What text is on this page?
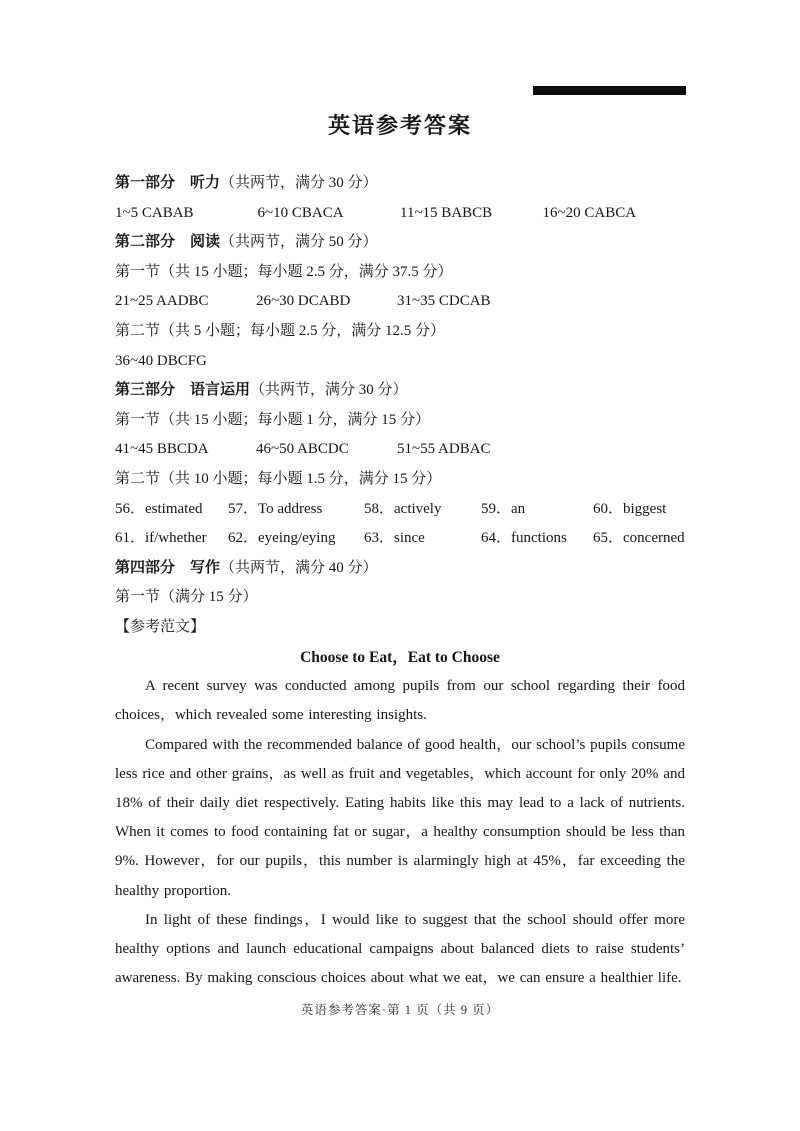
英语参考答案
第一部分　听力（共两节，满分 30 分）
1~5 CABAB	6~10 CBACA	11~15 BABCB	16~20 CABCA
第二部分　阅读（共两节，满分 50 分）
第一节（共 15 小题；每小题 2.5 分，满分 37.5 分）
21~25 AADBC	26~30 DCABD	31~35 CDCAB
第二节（共 5 小题；每小题 2.5 分，满分 12.5 分）
36~40 DBCFG
第三部分　语言运用（共两节，满分 30 分）
第一节（共 15 小题；每小题 1 分，满分 15 分）
41~45 BBCDA	46~50 ABCDC	51~55 ADBAC
第二节（共 10 小题；每小题 1.5 分，满分 15 分）
56．estimated 57．To address	58．actively	59．an	60．biggest
61．if/whether 62．eyeing/eying 63．since	64．functions 65．concerned
第四部分　写作（共两节，满分 40 分）
第一节（满分 15 分）
【参考范文】
Choose to Eat，Eat to Choose

A recent survey was conducted among pupils from our school regarding their food choices，which revealed some interesting insights.

Compared with the recommended balance of good health，our school’s pupils consume less rice and other grains，as well as fruit and vegetables，which account for only 20% and 18% of their daily diet respectively. Eating habits like this may lead to a lack of nutrients. When it comes to food containing fat or sugar，a healthy consumption should be less than 9%. However，for our pupils，this number is alarmingly high at 45%，far exceeding the healthy proportion.

In light of these findings，I would like to suggest that the school should offer more healthy options and launch educational campaigns about balanced diets to raise students’ awareness. By making conscious choices about what we eat，we can ensure a healthier life.

英语参考答案·第 1 页（共 9 页）
